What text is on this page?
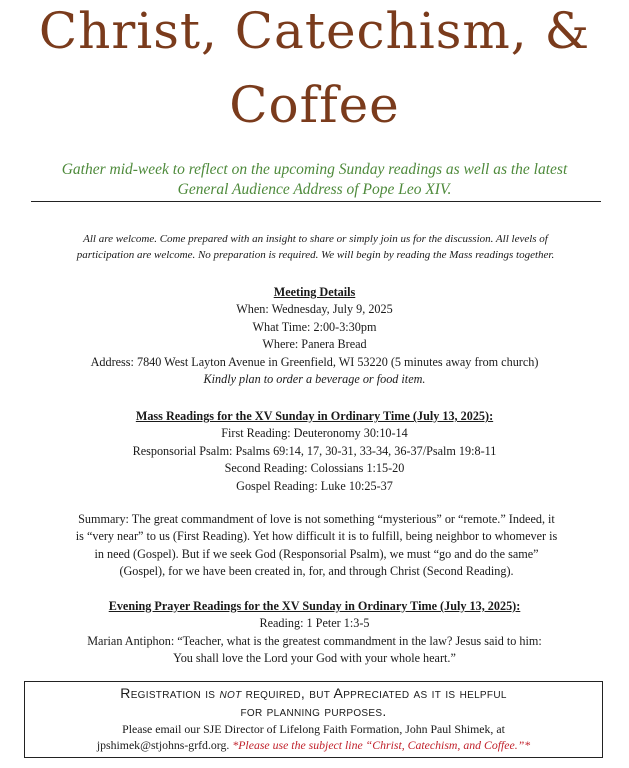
Christ, Catechism, &
Coffee
Gather mid-week to reflect on the upcoming Sunday readings as well as the latest
General Audience Address of Pope Leo XIV.
All are welcome. Come prepared with an insight to share or simply join us for the discussion. All levels of
participation are welcome. No preparation is required. We will begin by reading the Mass readings together.
Meeting Details
When: Wednesday, July 9, 2025
What Time: 2:00-3:30pm
Where: Panera Bread
Address: 7840 West Layton Avenue in Greenfield, WI 53220 (5 minutes away from church)
Kindly plan to order a beverage or food item.
Mass Readings for the XV Sunday in Ordinary Time (July 13, 2025):
First Reading: Deuteronomy 30:10-14
Responsorial Psalm: Psalms 69:14, 17, 30-31, 33-34, 36-37/Psalm 19:8-11
Second Reading: Colossians 1:15-20
Gospel Reading: Luke 10:25-37
Summary: The great commandment of love is not something “mysterious” or “remote.” Indeed, it
is “very near” to us (First Reading). Yet how difficult it is to fulfill, being neighbor to whomever is
in need (Gospel). But if we seek God (Responsorial Psalm), we must “go and do the same”
(Gospel), for we have been created in, for, and through Christ (Second Reading).
Evening Prayer Readings for the XV Sunday in Ordinary Time (July 13, 2025):
Reading: 1 Peter 1:3-5
Marian Antiphon: “Teacher, what is the greatest commandment in the law? Jesus said to him:
You shall love the Lord your God with your whole heart.”
Registration is not required, but Appreciated as it is helpful
for planning purposes.
Please email our SJE Director of Lifelong Faith Formation, John Paul Shimek, at
jpshimek@stjohns-grfd.org. *Please use the subject line “Christ, Catechism, and Coffee.”*
